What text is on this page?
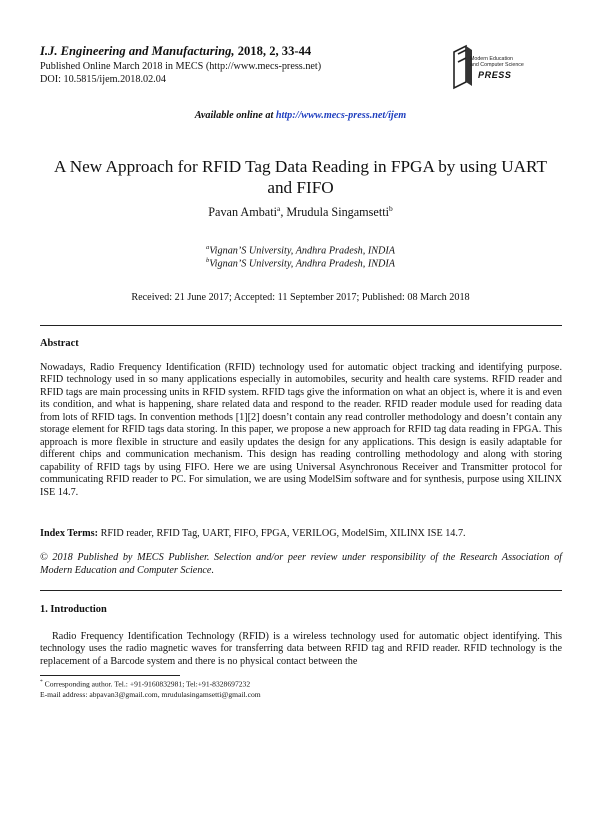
I.J. Engineering and Manufacturing, 2018, 2, 33-44
Published Online March 2018 in MECS (http://www.mecs-press.net)
DOI: 10.5815/ijem.2018.02.04
Modern Education
and Computer Science
PRESS
Available online at http://www.mecs-press.net/ijem
A New Approach for RFID Tag Data Reading in FPGA by using UART and FIFO
Pavan Ambati$^a$, Mrudula Singamsetti$^b$
$^a$Vignan’S University, Andhra Pradesh, INDIA
$^b$Vignan’S University, Andhra Pradesh, INDIA
Received: 21 June 2017; Accepted: 11 September 2017; Published: 08 March 2018
Abstract
Nowadays, Radio Frequency Identification (RFID) technology used for automatic object tracking and identifying purpose. RFID technology used in so many applications especially in automobiles, security and health care systems. RFID reader and RFID tags are main processing units in RFID system. RFID tags give the information on what an object is, where it is and even its condition, and what is happening, share related data and respond to the reader. RFID reader module used for reading data from lots of RFID tags. In convention methods [1][2] doesn’t contain any read controller methodology and doesn’t contain any storage element for RFID tags data storing. In this paper, we propose a new approach for RFID tag data reading in FPGA. This approach is more flexible in structure and easily updates the design for any applications. This design is easily adaptable for different chips and communication mechanism. This design has reading controlling methodology and along with storing capability of RFID tags by using FIFO. Here we are using Universal Asynchronous Receiver and Transmitter protocol for communicating RFID reader to PC. For simulation, we are using ModelSim software and for synthesis, purpose using XILINX ISE 14.7.
Index Terms: RFID reader, RFID Tag, UART, FIFO, FPGA, VERILOG, ModelSim, XILINX ISE 14.7.
© 2018 Published by MECS Publisher. Selection and/or peer review under responsibility of the Research Association of Modern Education and Computer Science.
1. Introduction
Radio Frequency Identification Technology (RFID) is a wireless technology used for automatic object identifying. This technology uses the radio magnetic waves for transferring data between RFID tag and RFID reader. RFID technology is the replacement of a Barcode system and there is no physical contact between the
* Corresponding author. Tel.: +91-9160832981; Tel:+91-8328697232
E-mail address: abpavan3@gmail.com, mrudulasingamsetti@gmail.com
